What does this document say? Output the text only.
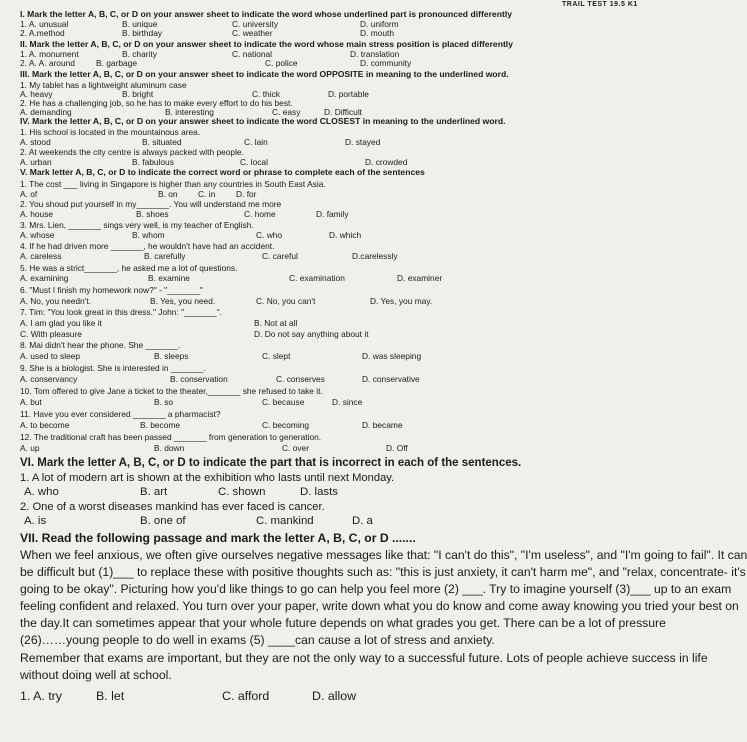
TRAIL TEST 19.5 K1
I. Mark the letter A, B, C, or D on your answer sheet to indicate the word whose underlined part is pronounced differently
1. A. unusual	B. unique	C. university	D. uniform
2. A.method	B. birthday	C. weather	D. mouth
II. Mark the letter A, B, C, or D on your answer sheet to indicate the word whose main stress position is placed differently
1. A. monument	B. charity	C. national	D. translation
2. A. A. around	B. garbage	C. police	D. community
III. Mark the letter A, B, C, or D on your answer sheet to indicate the word OPPOSITE in meaning to the underlined word.
1. My tablet has a lightweight aluminum case
A. heavy	B. bright	C. thick	D. portable
2. He has a challenging job, so he has to make every effort to do his best.
A. demanding	B. interesting	C. easy	D. Difficult
IV. Mark the letter A, B, C, or D on your answer sheet to indicate the word CLOSEST in meaning to the underlined word.
1. His school is located in the mountainous area.
A. stood	B. situated	C. lain	D. stayed
2. At weekends the city centre is always packed with people.
A. urban	B. fabulous	C. local	D. crowded
V. Mark letter A, B, C, or D to indicate the correct word or phrase to complete each of the sentences
1. The cost ___ living in Singapore is higher than any countries in South East Asia.
A. of	B. on C. in D. for
2. You shoud put yourself in my_______. You will understand me more
A. house	B. shoes	C. home	D. family
3. Mrs. Lien, _______ sings very well, is my teacher of English.
A. whose	B. whom	C. who	D. which
4. If he had driven more _______, he wouldn't have had an accident.
A. careless	B. carefully	C. careful	D.carelessly
5. He was a strict_______, he asked me a lot of questions.
A. examining	B. examine	C. examination	D. examiner
6. "Must I finish my homework now?" - "_______"
A. No, you needn't.	B. Yes, you need.	C. No, you can't	D. Yes, you may.
7. Tim: "You look great in this dress." John: "_______".
A. I am glad you like it	B. Not at all
C. With pleasure	D. Do not say anything about it
8. Mai didn't hear the phone. She _______.
A. used to sleep	B. sleeps	C. slept	D. was sleeping
9. She is a biologist. She is interested in _______.
A. conservancy	B. conservation	C. conserves	D. conservative
10. Tom offered to give Jane a ticket to the theater,_______ she refused to take it.
A. but	B. so	C. because	D. since
11. Have you ever considered _______ a pharmacist?
A. to become	B. become	C. becoming	D. became
12. The traditional craft has been passed _______ from generation to generation.
A. up	B. down	C. over	D. Off
VI. Mark the letter A, B, C, or D to indicate the part that is incorrect in each of the sentences.
1. A lot of modern art is shown at the exhibition who lasts until next Monday.
A. who	B. art	C. shown	D. lasts
2. One of a worst diseases mankind has ever faced is cancer.
A. is	B. one of	C. mankind	D. a
VII. Read the following passage and mark the letter A, B, C, or D .......
When we feel anxious, we often give ourselves negative messages like that: "I can't do this", "I'm useless", and "I'm going to fail". It can
be difficult but (1)___ to replace these with positive thoughts such as: "this is just anxiety, it can't harm me", and "relax, concentrate- it's
going to be okay". Picturing how you'd like things to go can help you feel more (2) ___. Try to imagine yourself (3)___ up to an exam
feeling confident and relaxed. You turn over your paper, write down what you do know and come away knowing you tried your best on
the day.It can sometimes appear that your whole future depends on what grades you get. There can be a lot of pressure
(26)……young people to do well in exams (5) ____can cause a lot of stress and anxiety.
Remember that exams are important, but they are not the only way to a successful future. Lots of people achieve success in life
without doing well at school.
1. A. try	B. let	C. afford	D. allow
